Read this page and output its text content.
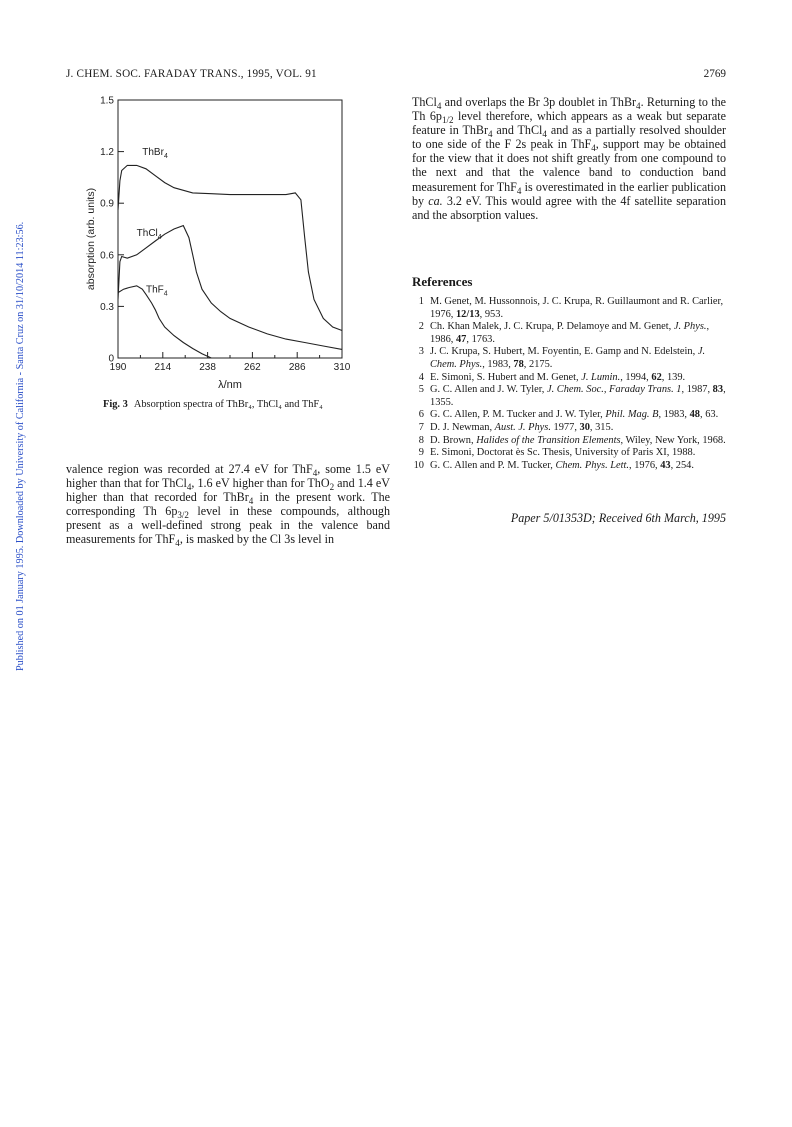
Published on 01 January 1995. Downloaded by University of California - Santa Cruz on 31/10/2014 11:23:56.
J. CHEM. SOC. FARADAY TRANS., 1995, VOL. 91	2769
190	214	238	262	286	310
0
0.3
0.6
0.9
1.2
1.5
λ/nm
absorption (arb. units)
ThBr$_4$
ThCl$_4$
ThF$_4$
Fig. 3 Absorption spectra of ThBr₄, ThCl₄ and ThF₄
valence region was recorded at 27.4 eV for ThF$_4$, some 1.5 eV higher than that for ThCl$_4$, 1.6 eV higher than for ThO$_2$ and 1.4 eV higher than that recorded for ThBr$_4$ in the present work. The corresponding Th $6p_{3/2}$ level in these compounds, although present as a well-defined strong peak in the valence band measurements for ThF$_4$, is masked by the Cl 3s level in
ThCl$_4$ and overlaps the Br 3p doublet in ThBr$_4$. Returning to the Th $6p_{1/2}$ level therefore, which appears as a weak but separate feature in ThBr$_4$ and ThCl$_4$ and as a partially resolved shoulder to one side of the F 2s peak in ThF$_4$, support may be obtained for the view that it does not shift greatly from one compound to the next and that the valence band to conduction band measurement for ThF$_4$ is overestimated in the earlier publication by ca. 3.2 eV. This would agree with the 4f satellite separation and the absorption values.
References
1 M. Genet, M. Hussonnois, J. C. Krupa, R. Guillaumont and R. Carlier, 1976, 12/13, 953.
2 Ch. Khan Malek, J. C. Krupa, P. Delamoye and M. Genet, J. Phys., 1986, 47, 1763.
3 J. C. Krupa, S. Hubert, M. Foyentin, E. Gamp and N. Edelstein, J. Chem. Phys., 1983, 78, 2175.
4 E. Simoni, S. Hubert and M. Genet, J. Lumin., 1994, 62, 139.
5 G. C. Allen and J. W. Tyler, J. Chem. Soc., Faraday Trans. 1, 1987, 83, 1355.
6 G. C. Allen, P. M. Tucker and J. W. Tyler, Phil. Mag. B, 1983, 48, 63.
7 D. J. Newman, Aust. J. Phys. 1977, 30, 315.
8 D. Brown, Halides of the Transition Elements, Wiley, New York, 1968.
9 E. Simoni, Doctorat ès Sc. Thesis, University of Paris XI, 1988.
10 G. C. Allen and P. M. Tucker, Chem. Phys. Lett., 1976, 43, 254.
Paper 5/01353D; Received 6th March, 1995
